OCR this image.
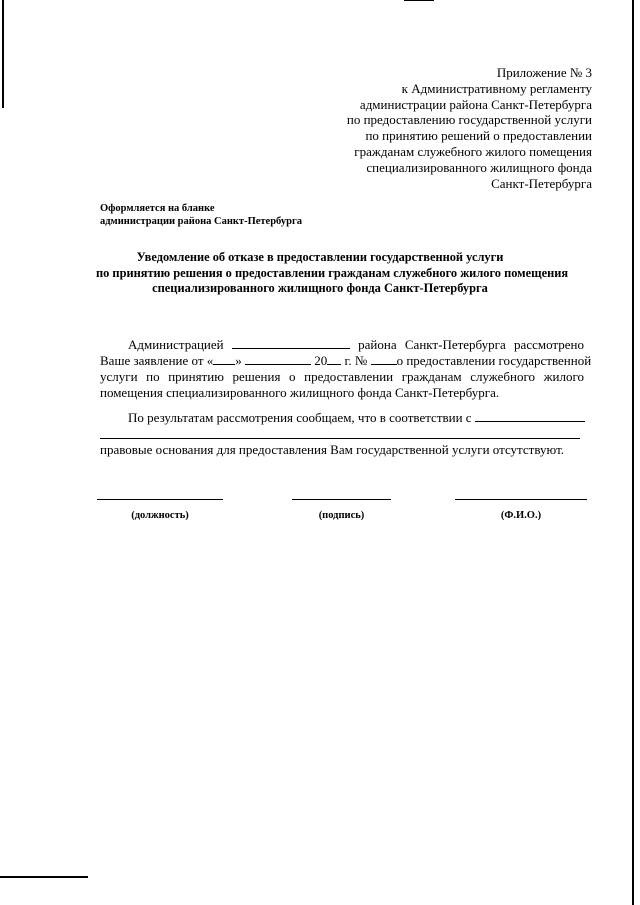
Приложение № 3
к Административному регламенту
администрации района Санкт-Петербурга
по предоставлению государственной услуги
по принятию решений о предоставлении
гражданам служебного жилого помещения
специализированного жилищного фонда
Санкт-Петербурга
Оформляется на бланке
администрации района Санкт-Петербурга
Уведомление об отказе в предоставлении государственной услуги
по принятию решения о предоставлении гражданам служебного жилого помещения
специализированного жилищного фонда Санкт-Петербурга
Администрацией	района Санкт-Петербурга рассмотрено
Ваше заявление от « »	20 г. №	о предоставлении государственной
услуги по принятию решения о предоставлении гражданам служебного жилого
помещения специализированного жилищного фонда Санкт-Петербурга.
По результатам рассмотрения сообщаем, что в соответствии с
правовые основания для предоставления Вам государственной услуги отсутствуют.
(должность)	(подпись)	(Ф.И.О.)
